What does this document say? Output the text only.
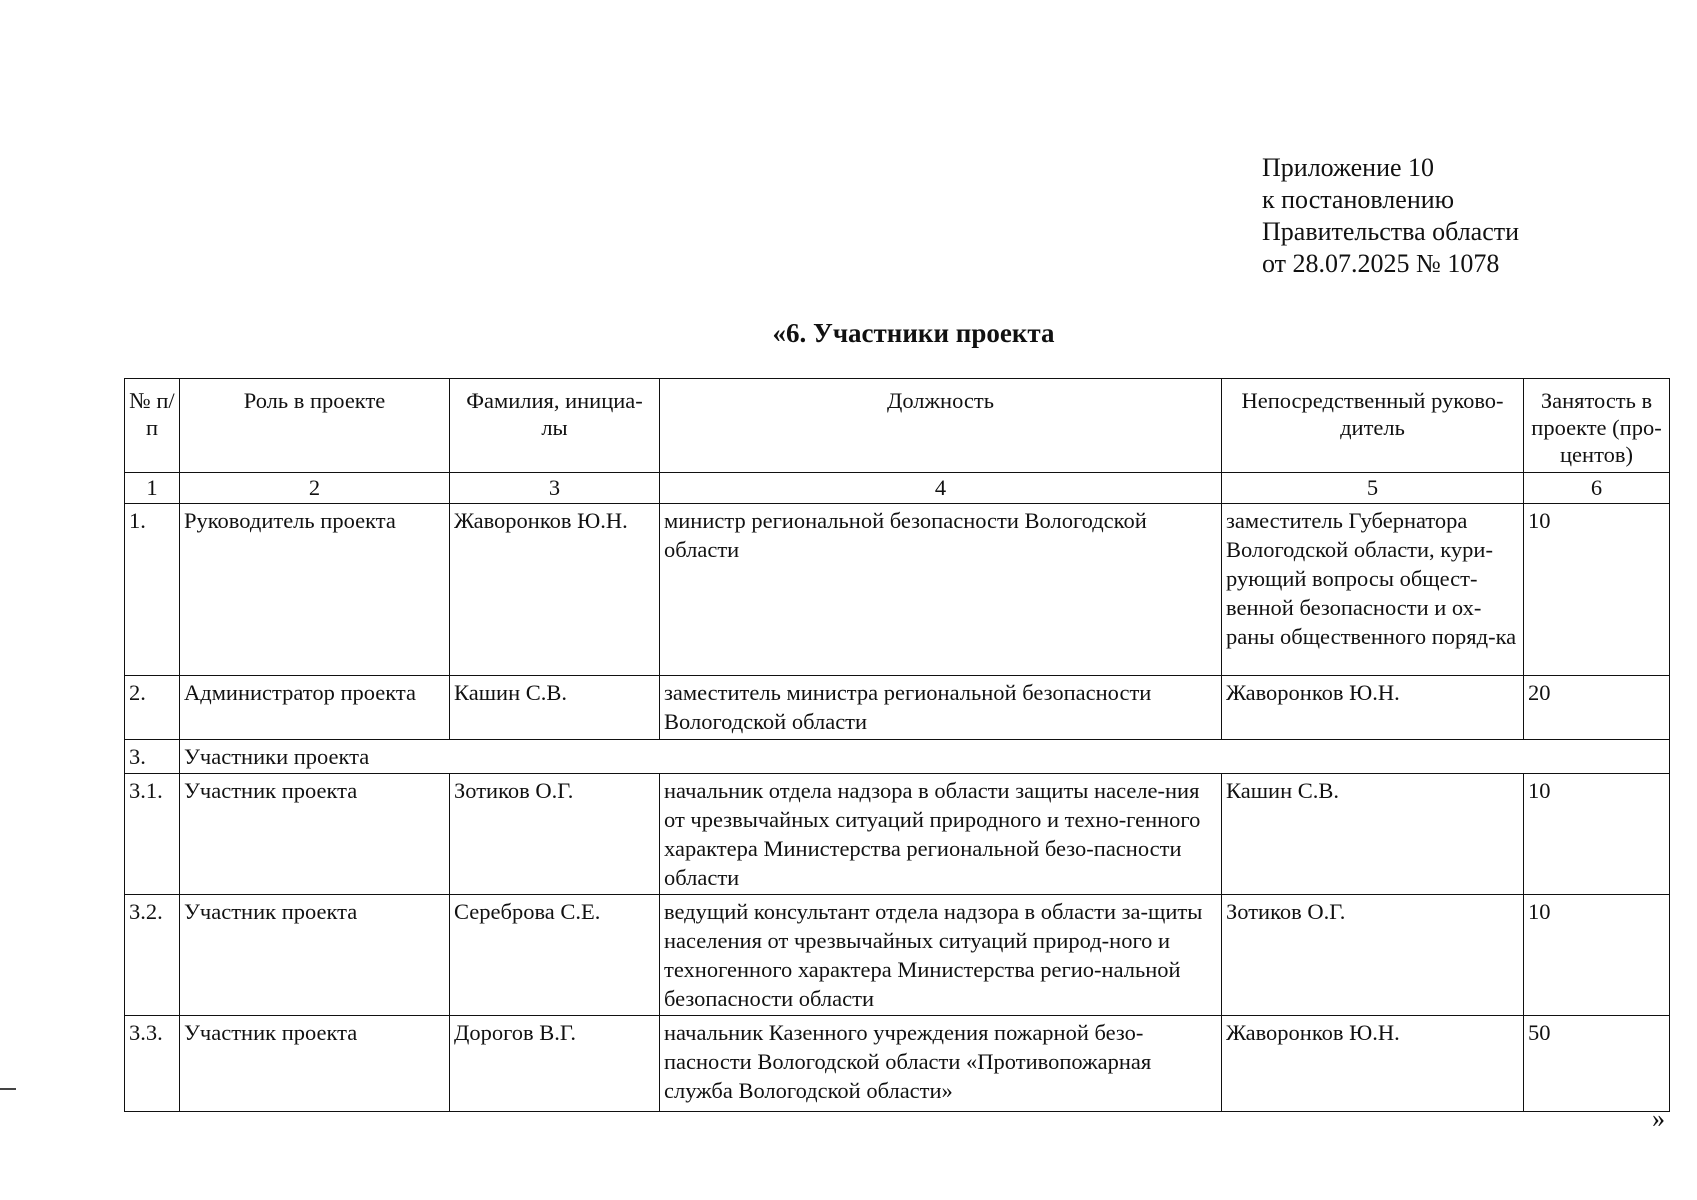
Приложение 10
к постановлению
Правительства области
от 28.07.2025 № 1078
«6. Участники проекта
№ п/п	Роль в проекте	Фамилия, инициа-лы	Должность	Непосредственный руково-дитель	Занятость в проекте (про-центов)
1	2	3	4	5	6
1.	Руководитель проекта	Жаворонков Ю.Н.	министр региональной безопасности Вологодской области	заместитель Губернатора Вологодской области, кури-рующий вопросы общест-венной безопасности и ох-раны общественного поряд-ка	10
2.	Администратор проекта	Кашин С.В.	заместитель министра региональной безопасности Вологодской области	Жаворонков Ю.Н.	20
3.	Участники проекта				
3.1.	Участник проекта	Зотиков О.Г.	начальник отдела надзора в области защиты населе-ния от чрезвычайных ситуаций природного и техно-генного характера Министерства региональной безо-пасности области	Кашин С.В.	10
3.2.	Участник проекта	Сереброва С.Е.	ведущий консультант отдела надзора в области за-щиты населения от чрезвычайных ситуаций природ-ного и техногенного характера Министерства регио-нальной безопасности области	Зотиков О.Г.	10
3.3.	Участник проекта	Дорогов В.Г.	начальник Казенного учреждения пожарной безо-пасности Вологодской области «Противопожарная служба Вологодской области»	Жаворонков Ю.Н.	50
»
